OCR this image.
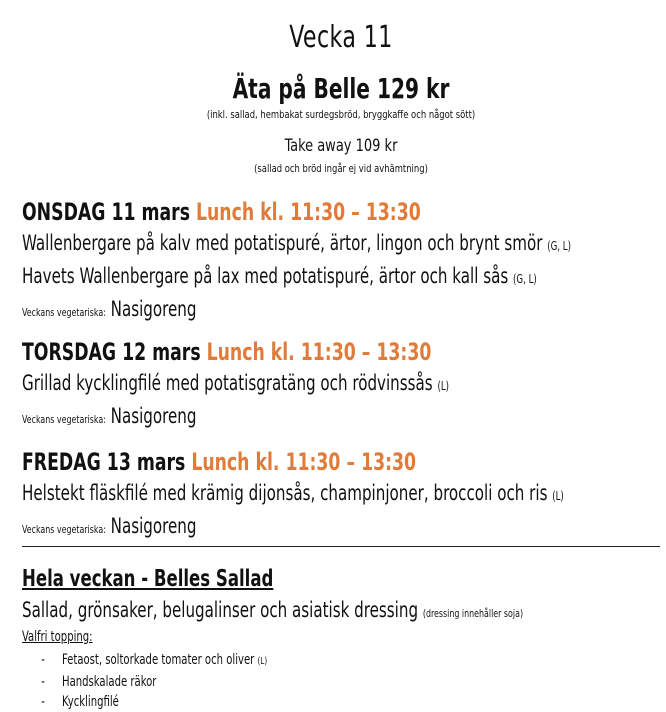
Vecka 11
Äta på Belle 129 kr
(inkl. sallad, hembakat surdegsbröd, bryggkaffe och något sött)
Take away 109 kr
(sallad och bröd ingår ej vid avhämtning)
ONSDAG 11 mars Lunch kl. 11:30 – 13:30
Wallenbergare på kalv med potatispuré, ärtor, lingon och brynt smör (G, L)
Havets Wallenbergare på lax med potatispuré, ärtor och kall sås (G, L)
Veckans vegetariska: Nasigoreng
TORSDAG 12 mars Lunch kl. 11:30 – 13:30
Grillad kycklingfilé med potatisgratäng och rödvinssås (L)
Veckans vegetariska: Nasigoreng
FREDAG 13 mars Lunch kl. 11:30 – 13:30
Helstekt fläskfilé med krämig dijonsås, champinjoner, broccoli och ris (L)
Veckans vegetariska: Nasigoreng
Hela veckan - Belles Sallad
Sallad, grönsaker, belugalinser och asiatisk dressing (dressing innehåller soja)
Valfri topping:
- Fetaost, soltorkade tomater och oliver (L)
- Handskalade räkor
- Kycklingfilé
